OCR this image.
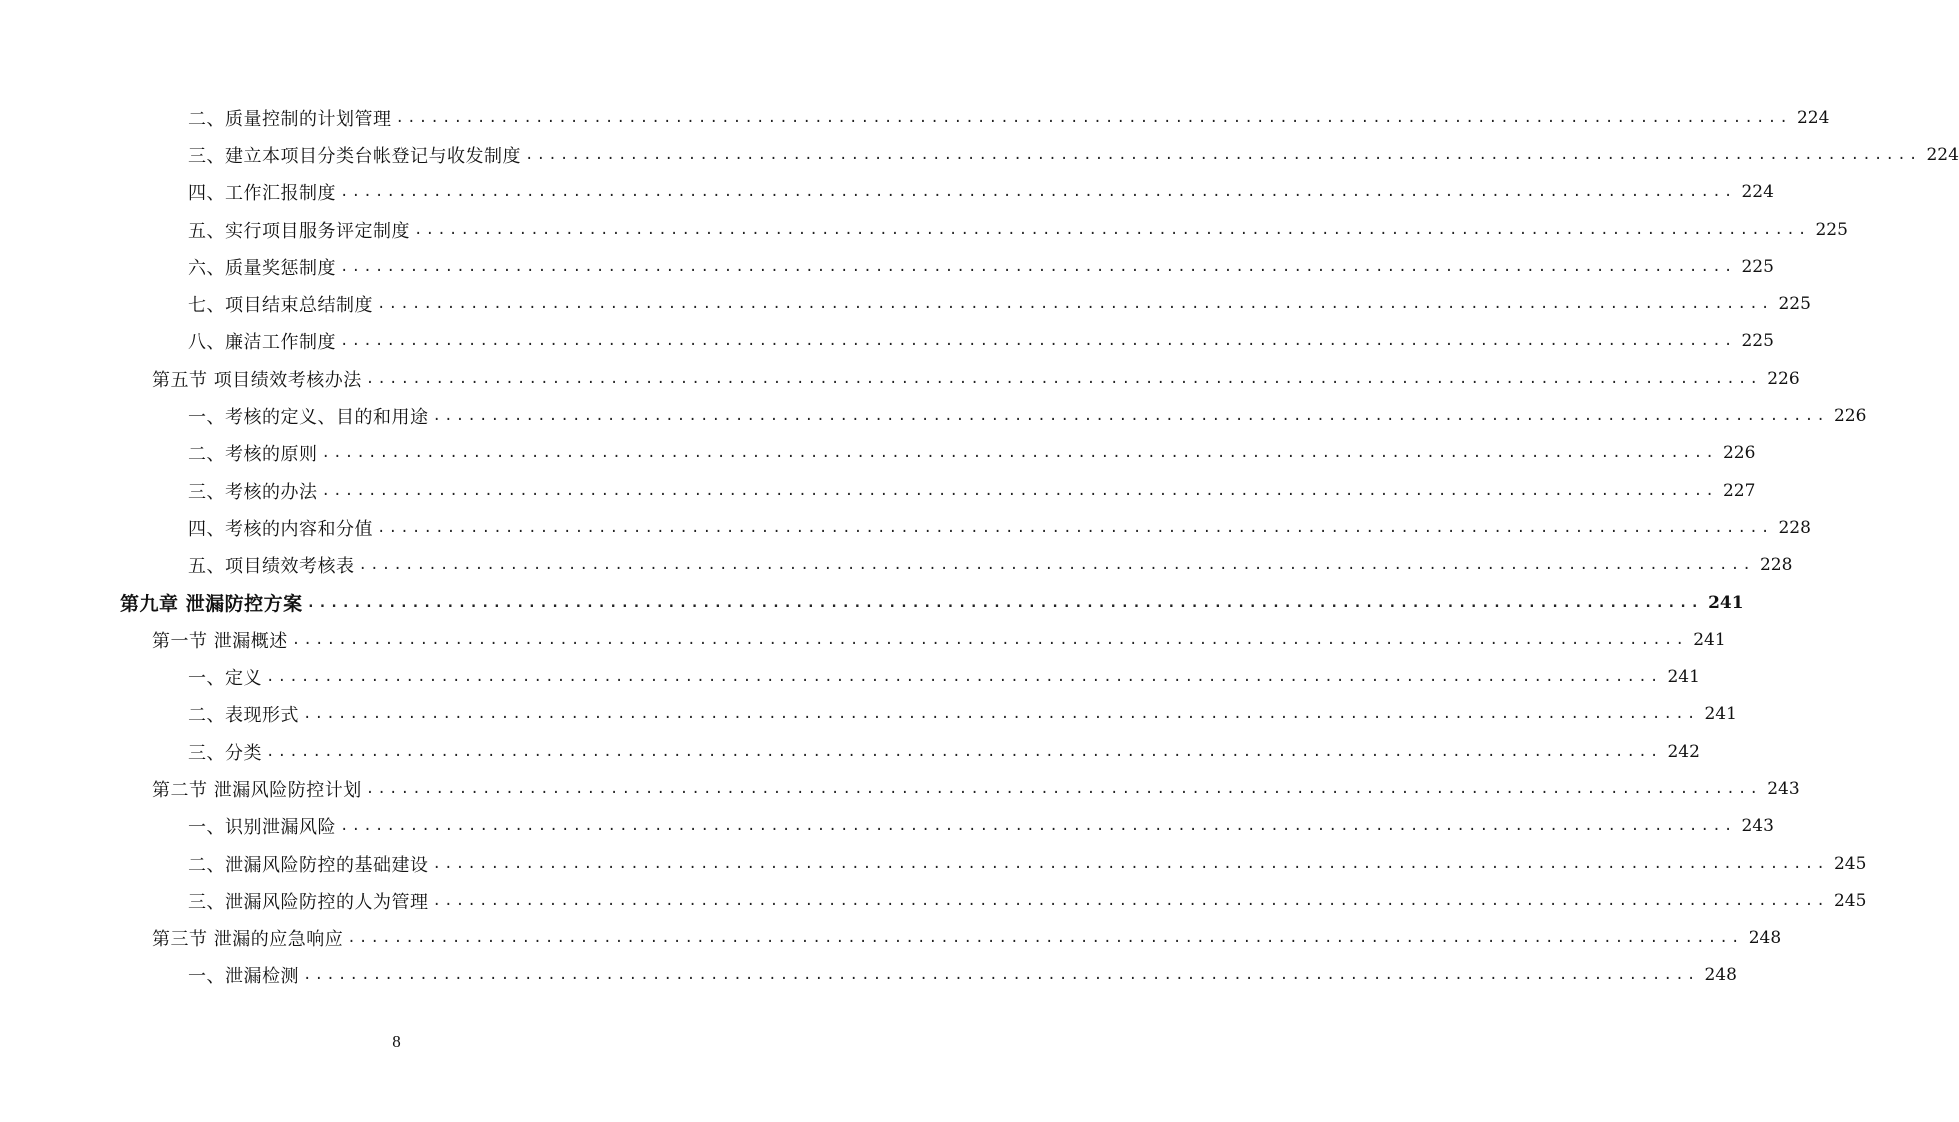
二、质量控制的计划管理 ........................................................................................................................ 224
三、建立本项目分类台帐登记与收发制度 ........................................................................................................................ 224
四、工作汇报制度 ........................................................................................................................ 224
五、实行项目服务评定制度 ........................................................................................................................ 225
六、质量奖惩制度 ........................................................................................................................ 225
七、项目结束总结制度 ........................................................................................................................ 225
八、廉洁工作制度 ........................................................................................................................ 225
第五节 项目绩效考核办法 ........................................................................................................................ 226
一、考核的定义、目的和用途 ........................................................................................................................ 226
二、考核的原则 ........................................................................................................................ 226
三、考核的办法 ........................................................................................................................ 227
四、考核的内容和分值 ........................................................................................................................ 228
五、项目绩效考核表 ........................................................................................................................ 228
第九章 泄漏防控方案 ........................................................................................................................ 241
第一节 泄漏概述 ........................................................................................................................ 241
一、定义 ........................................................................................................................ 241
二、表现形式 ........................................................................................................................ 241
三、分类 ........................................................................................................................ 242
第二节 泄漏风险防控计划 ........................................................................................................................ 243
一、识别泄漏风险 ........................................................................................................................ 243
二、泄漏风险防控的基础建设 ........................................................................................................................ 245
三、泄漏风险防控的人为管理 ........................................................................................................................ 245
第三节 泄漏的应急响应 ........................................................................................................................ 248
一、泄漏检测 ........................................................................................................................ 248
8
